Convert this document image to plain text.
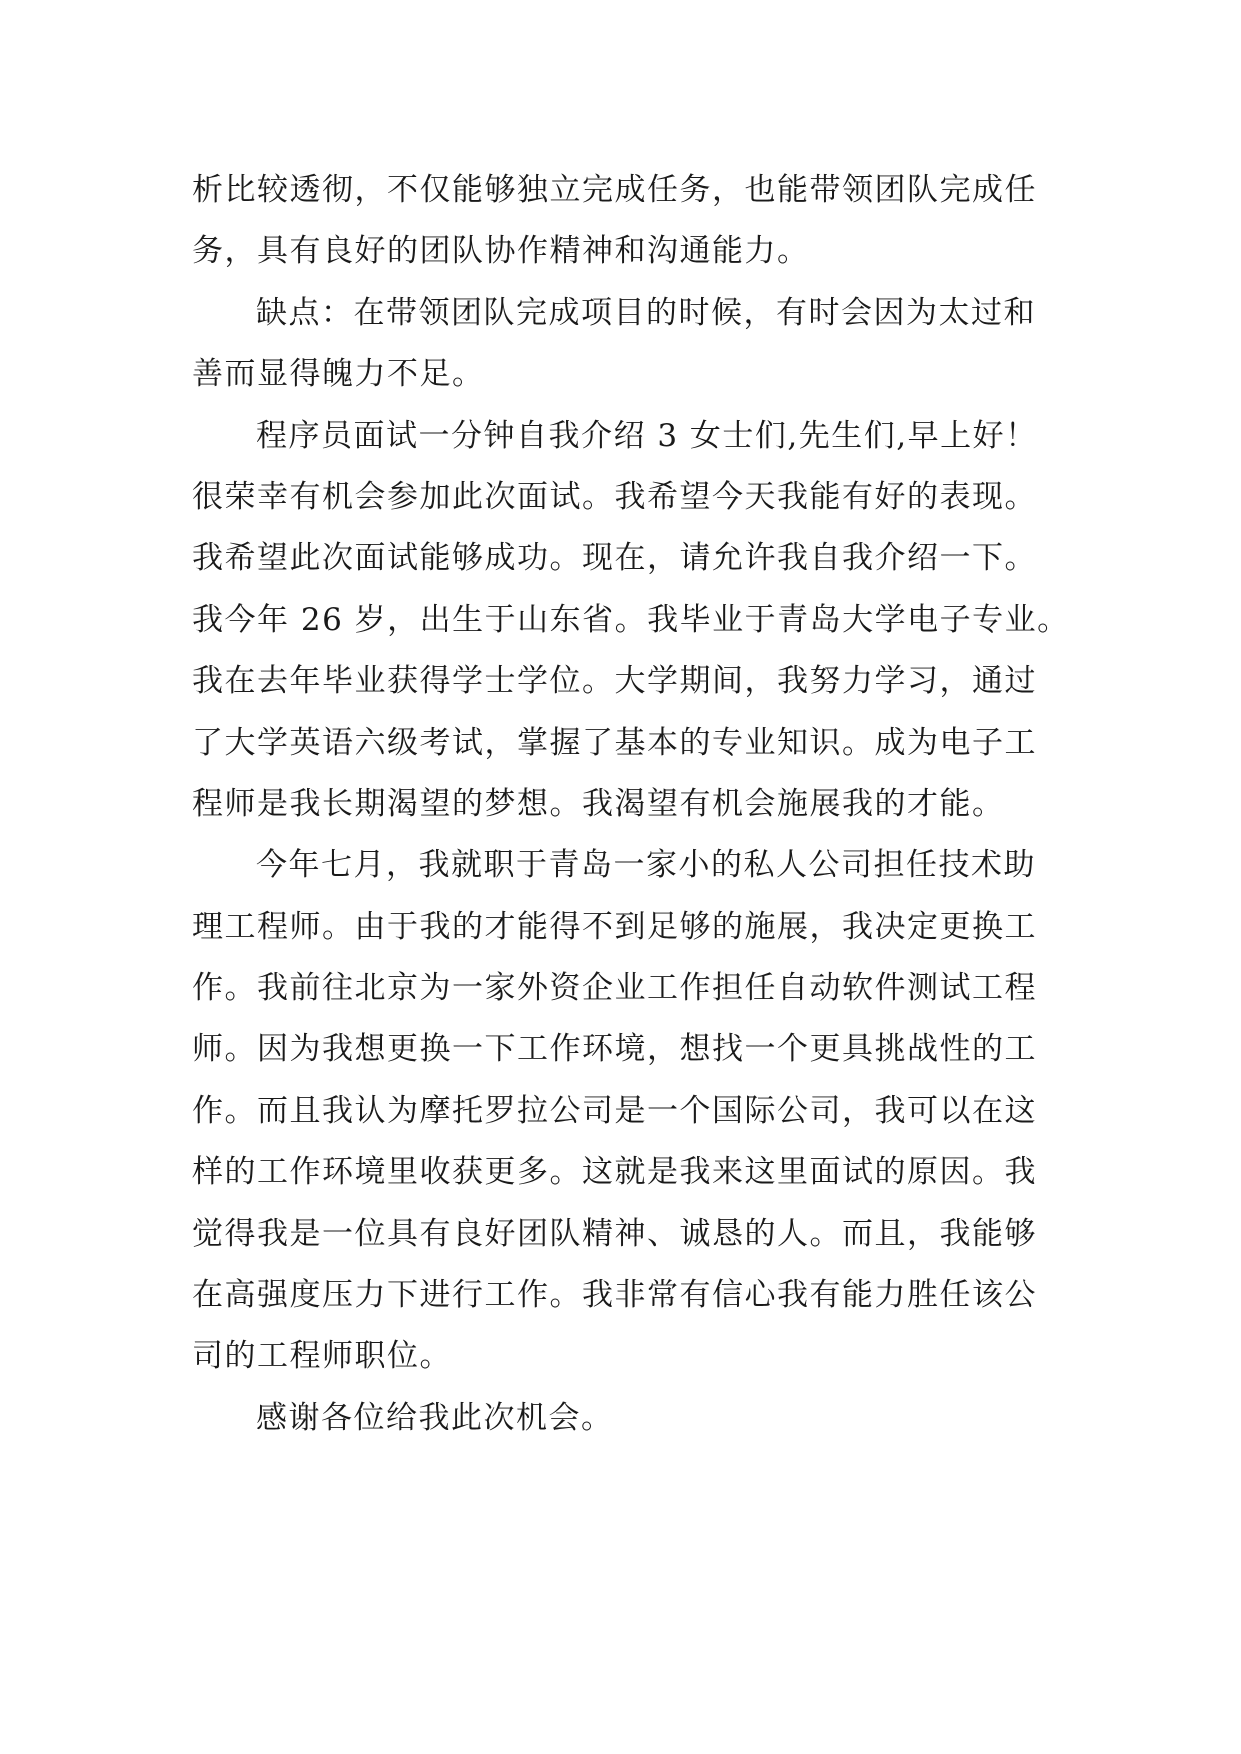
析比较透彻，不仅能够独立完成任务，也能带领团队完成任
务，具有良好的团队协作精神和沟通能力。
缺点：在带领团队完成项目的时候，有时会因为太过和
善而显得魄力不足。
程序员面试一分钟自我介绍 3 女士们,先生们,早上好！
很荣幸有机会参加此次面试。我希望今天我能有好的表现。
我希望此次面试能够成功。现在，请允许我自我介绍一下。
我今年 26 岁，出生于山东省。我毕业于青岛大学电子专业。
我在去年毕业获得学士学位。大学期间，我努力学习，通过
了大学英语六级考试，掌握了基本的专业知识。成为电子工
程师是我长期渴望的梦想。我渴望有机会施展我的才能。
今年七月，我就职于青岛一家小的私人公司担任技术助
理工程师。由于我的才能得不到足够的施展，我决定更换工
作。我前往北京为一家外资企业工作担任自动软件测试工程
师。因为我想更换一下工作环境，想找一个更具挑战性的工
作。而且我认为摩托罗拉公司是一个国际公司，我可以在这
样的工作环境里收获更多。这就是我来这里面试的原因。我
觉得我是一位具有良好团队精神、诚恳的人。而且，我能够
在高强度压力下进行工作。我非常有信心我有能力胜任该公
司的工程师职位。
感谢各位给我此次机会。
